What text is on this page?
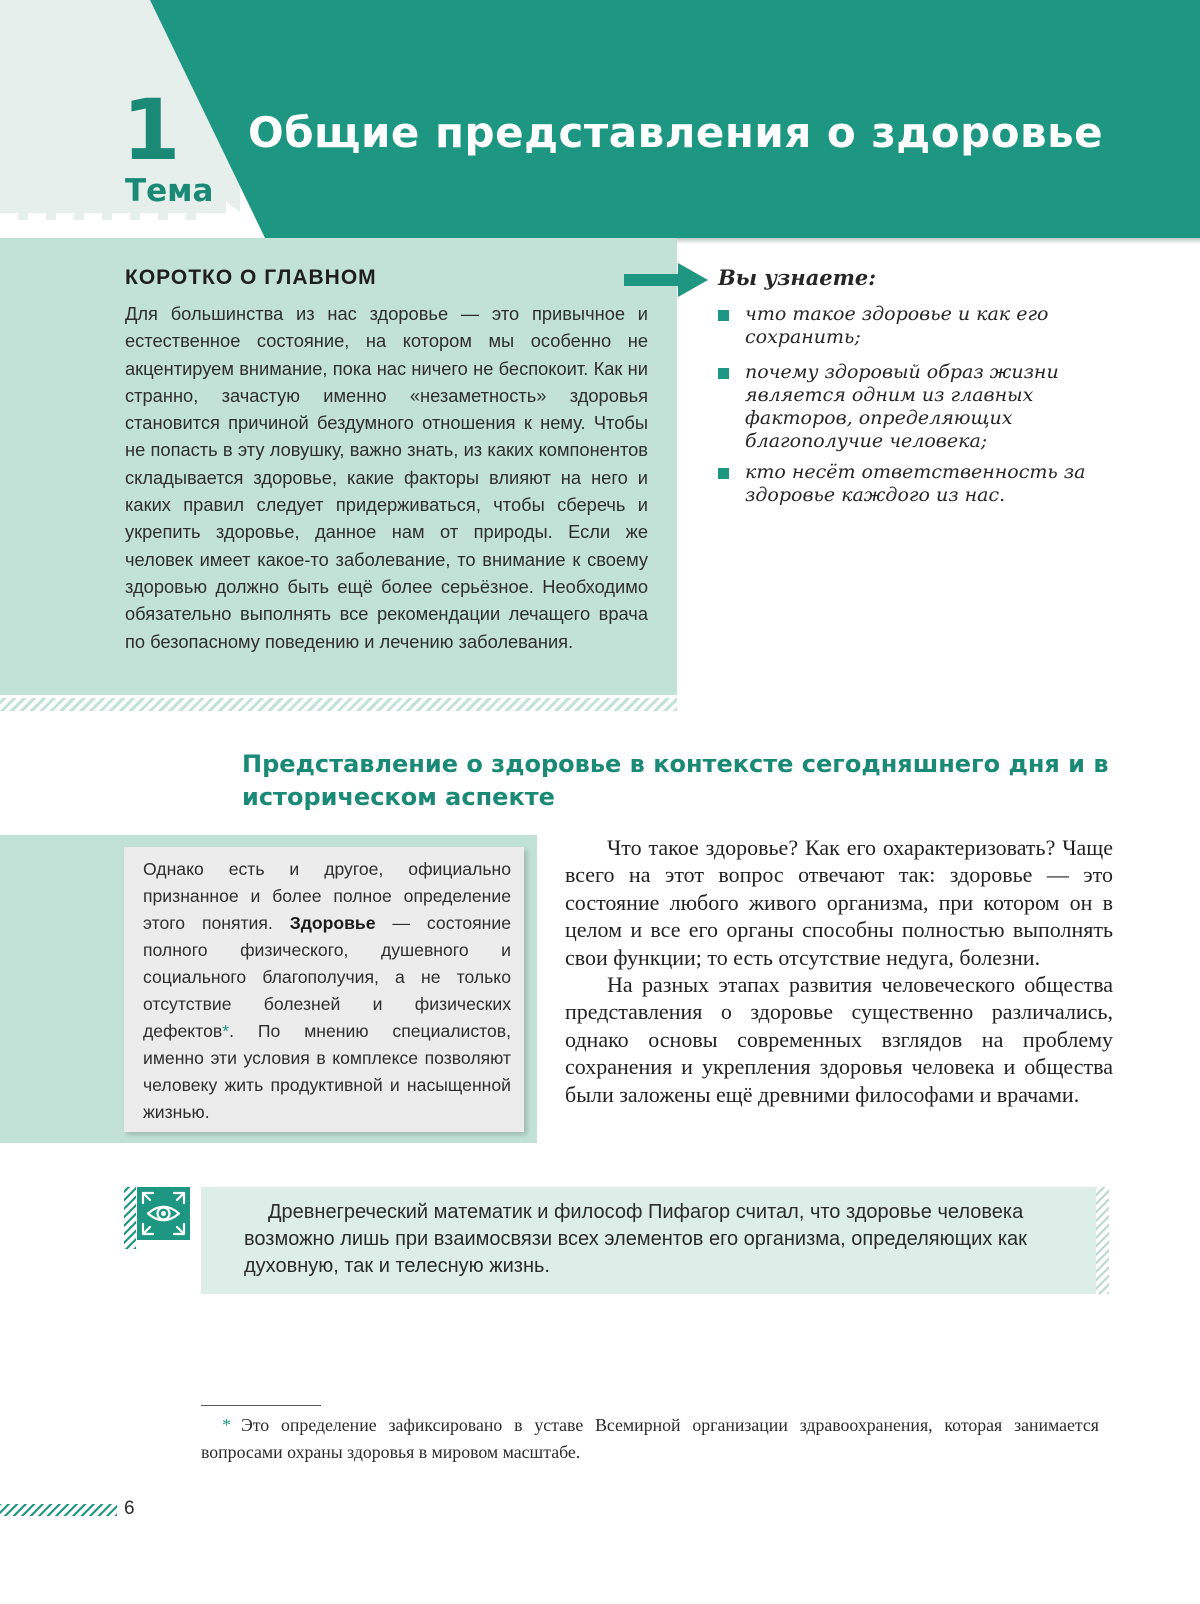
1
Тема
Общие представления о здоровье
КОРОТКО О ГЛАВНОМ

Для большинства из нас здоровье — это привычное и естественное состояние, на котором мы особенно не акцентируем внимание, пока нас ничего не беспокоит. Как ни странно, зачастую именно «незаметность» здоровья становится причиной бездумного отношения к нему. Чтобы не попасть в эту ловушку, важно знать, из каких компонентов складывается здоровье, какие факторы влияют на него и каких правил следует придерживаться, чтобы сберечь и укрепить здоровье, данное нам от природы. Если же человек имеет какое-то заболевание, то внимание к своему здоровью должно быть ещё более серьёзное. Необходимо обязательно выполнять все рекомендации лечащего врача по безопасному поведению и лечению заболевания.

Вы узнаете:
что такое здоровье и как его сохранить;
почему здоровый образ жизни является одним из главных факторов, определяющих благополучие человека;
кто несёт ответственность за здоровье каждого из нас.
Представление о здоровье в контексте сегодняшнего дня и в историческом аспекте

Однако есть и другое, официально признанное и более полное определение этого понятия. Здоровье — состояние полного физического, душевного и социального благополучия, а не только отсутствие болезней и физических дефектов*. По мнению специалистов, именно эти условия в комплексе позволяют человеку жить продуктивной и насыщенной жизнью.

Что такое здоровье? Как его охарактеризовать? Чаще всего на этот вопрос отвечают так: здоровье — это состояние любого живого организма, при котором он в целом и все его органы способны полностью выполнять свои функции; то есть отсутствие недуга, болезни.

На разных этапах развития человеческого общества представления о здоровье существенно различались, однако основы современных взглядов на проблему сохранения и укрепления здоровья человека и общества были заложены ещё древними философами и врачами.

Древнегреческий математик и философ Пифагор считал, что здоровье человека возможно лишь при взаимосвязи всех элементов его организма, определяющих как духовную, так и телесную жизнь.

* Это определение зафиксировано в уставе Всемирной организации здравоохранения, которая занимается вопросами охраны здоровья в мировом масштабе.

6
